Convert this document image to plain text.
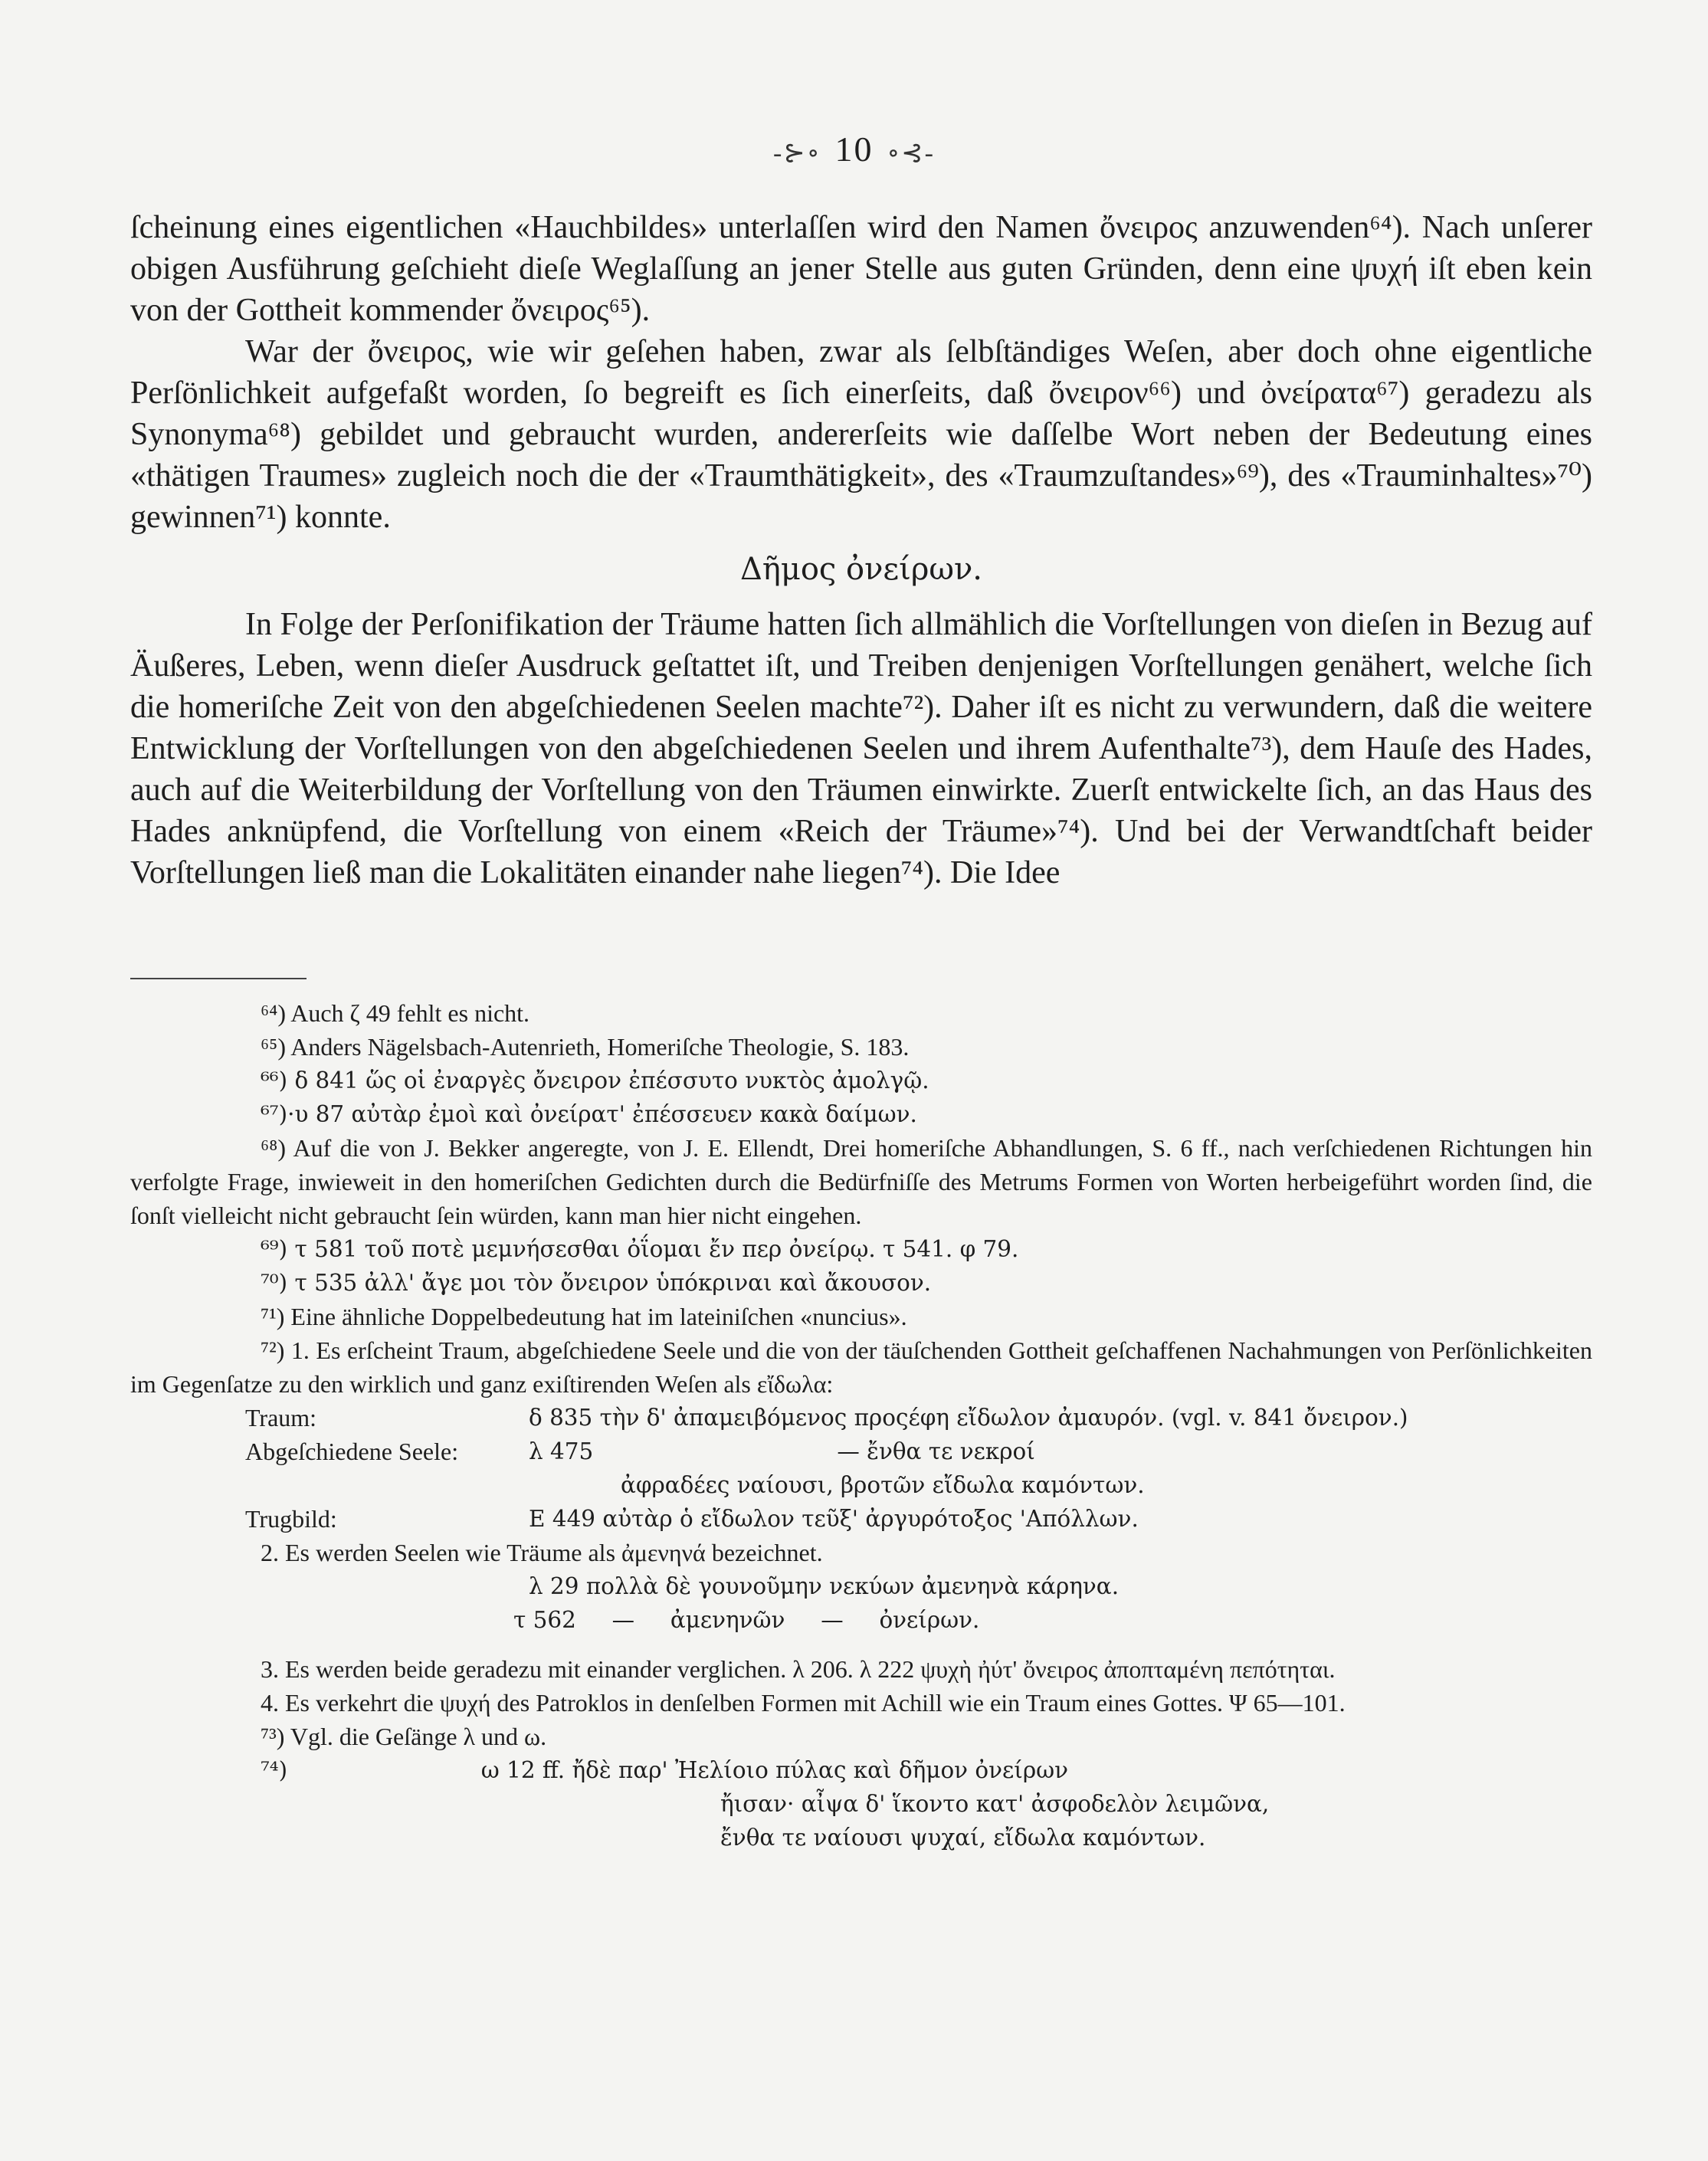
-⊱∘ 10 ∘⊰-

ſcheinung eines eigentlichen «Hauchbildes» unterlaſſen wird den Namen ὄνειρος anzuwenden⁶⁴). Nach unſerer obigen Ausführung geſchieht dieſe Weglaſſung an jener Stelle aus guten Gründen, denn eine ψυχή iſt eben kein von der Gottheit kommender ὄνειρος⁶⁵).

War der ὄνειρος, wie wir geſehen haben, zwar als ſelbſtändiges Weſen, aber doch ohne eigentliche Perſönlichkeit aufgefaßt worden, ſo begreift es ſich einerſeits, daß ὄνειρον⁶⁶) und ὀνείρατα⁶⁷) geradezu als Synonyma⁶⁸) gebildet und gebraucht wurden, andererſeits wie daſſelbe Wort neben der Bedeutung eines «thätigen Traumes» zugleich noch die der «Traumthätigkeit», des «Traumzuſtandes»⁶⁹), des «Trauminhaltes»⁷⁰) gewinnen⁷¹) konnte.

Δῆμος ὀνείρων.

In Folge der Perſonifikation der Träume hatten ſich allmählich die Vorſtellungen von dieſen in Bezug auf Äußeres, Leben, wenn dieſer Ausdruck geſtattet iſt, und Treiben denjenigen Vorſtellungen genähert, welche ſich die homeriſche Zeit von den abgeſchiedenen Seelen machte⁷²). Daher iſt es nicht zu verwundern, daß die weitere Entwicklung der Vorſtellungen von den abgeſchiedenen Seelen und ihrem Aufenthalte⁷³), dem Hauſe des Hades, auch auf die Weiterbildung der Vorſtellung von den Träumen einwirkte. Zuerſt entwickelte ſich, an das Haus des Hades anknüpfend, die Vorſtellung von einem «Reich der Träume»⁷⁴). Und bei der Verwandtſchaft beider Vorſtellungen ließ man die Lokalitäten einander nahe liegen⁷⁴). Die Idee

⁶⁴) Auch ζ 49 fehlt es nicht.

⁶⁵) Anders Nägelsbach-Autenrieth, Homeriſche Theologie, S. 183.

⁶⁶) δ 841 ὥς οἱ ἐναργὲς ὄνειρον ἐπέσσυτο νυκτὸς ἀμολγῷ.

⁶⁷)·υ 87 αὐτὰρ ἐμοὶ καὶ ὀνείρατ' ἐπέσσευεν κακὰ δαίμων.

⁶⁸) Auf die von J. Bekker angeregte, von J. E. Ellendt, Drei homeriſche Abhandlungen, S. 6 ff., nach verſchiedenen Richtungen hin verfolgte Frage, inwieweit in den homeriſchen Gedichten durch die Bedürfniſſe des Metrums Formen von Worten herbeigeführt worden ſind, die ſonſt vielleicht nicht gebraucht ſein würden, kann man hier nicht eingehen.

⁶⁹) τ 581 τοῦ ποτὲ μεμνήσεσθαι ὀΐομαι ἔν περ ὀνείρῳ. τ 541. φ 79.

⁷⁰) τ 535 ἀλλ' ἄγε μοι τὸν ὄνειρον ὑπόκριναι καὶ ἄκουσον.

⁷¹) Eine ähnliche Doppelbedeutung hat im lateiniſchen «nuncius».

⁷²) 1. Es erſcheint Traum, abgeſchiedene Seele und die von der täuſchenden Gottheit geſchaffenen Nachahmungen von Perſönlichkeiten im Gegenſatze zu den wirklich und ganz exiſtirenden Weſen als εἴδωλα:

Traum:	δ 835 τὴν δ' ἀπαμειβόμενος προςέφη εἴδωλον ἀμαυρόν. (vgl. v. 841 ὄνειρον.)
Abgeſchiedene Seele:	λ 475                                  — ἔνθα τε νεκροί
ἀφραδέες ναίουσι, βροτῶν εἴδωλα καμόντων.
Trugbild:	E 449 αὐτὰρ ὁ εἴδωλον τεῦξ' ἀργυρότοξος 'Απόλλων.

2. Es werden Seelen wie Träume als ἀμενηνά bezeichnet.

λ 29 πολλὰ δὲ γουνοῦμην νεκύων ἀμενηνὰ κάρηνα.
τ 562     —     ἀμενηνῶν     —     ὀνείρων.

3. Es werden beide geradezu mit einander verglichen. λ 206. λ 222 ψυχὴ ἠύτ' ὄνειρος ἀποπταμένη πεπότηται.

4. Es verkehrt die ψυχή des Patroklos in denſelben Formen mit Achill wie ein Traum eines Gottes. Ψ 65—101.

⁷³) Vgl. die Geſänge λ und ω.

⁷⁴)                           ω 12 ff. ἤδὲ παρ' Ἠελίοιο πύλας καὶ δῆμον ὀνείρων

ἤισαν· αἶψα δ' ἵκοντο κατ' ἀσφοδελὸν λειμῶνα,
ἔνθα τε ναίουσι ψυχαί, εἴδωλα καμόντων.
